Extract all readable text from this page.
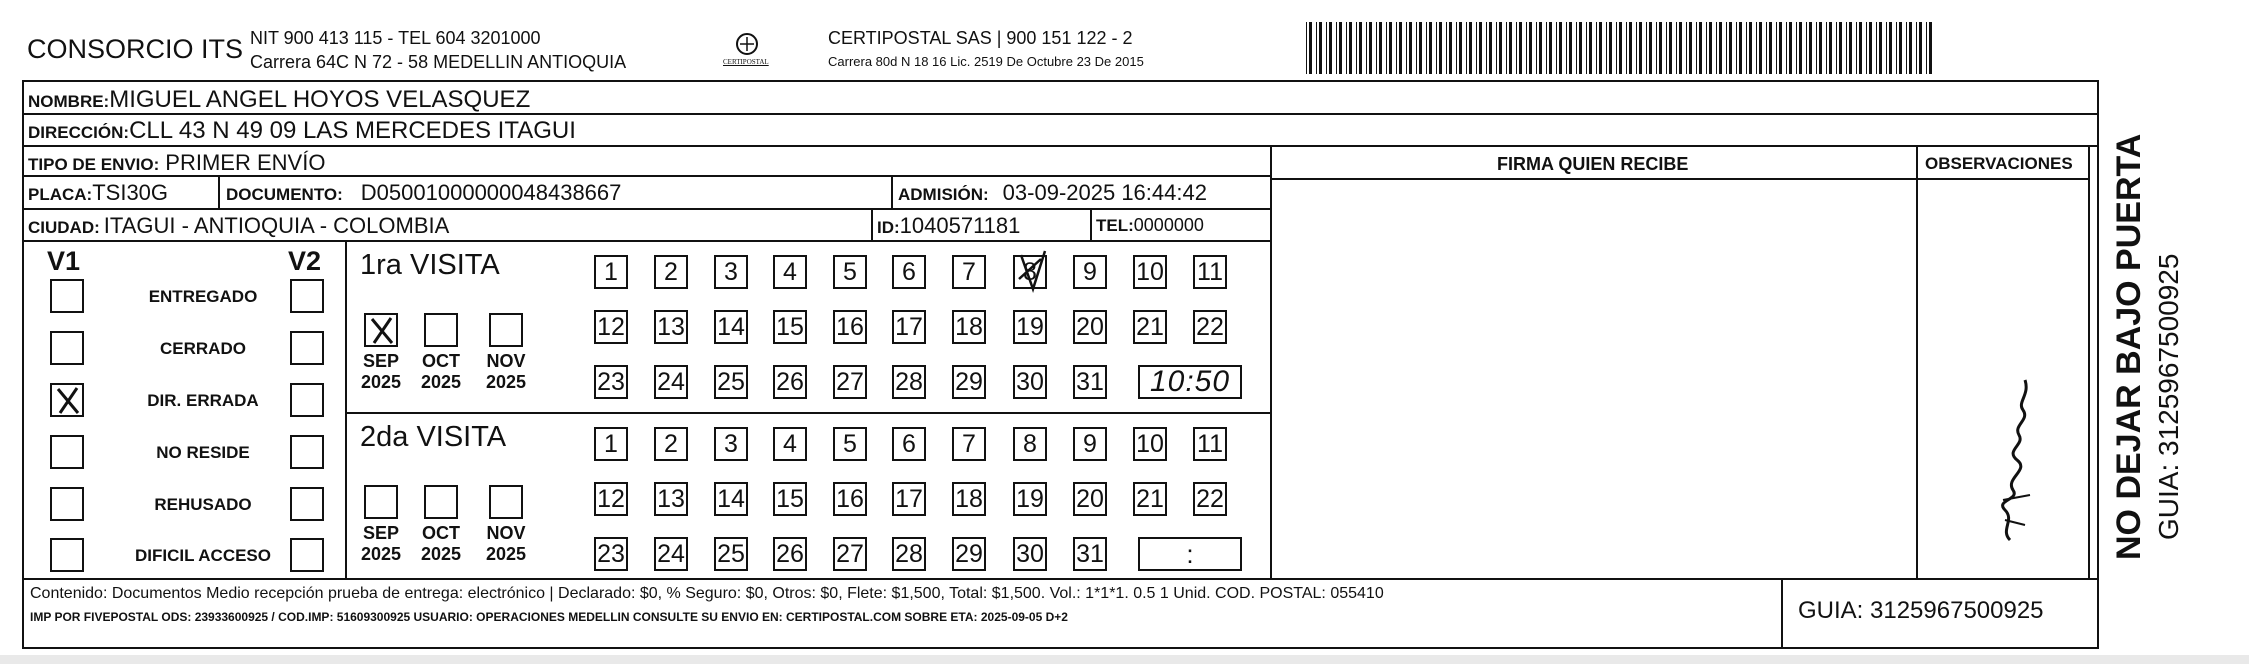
CONSORCIO ITS NIT 900 413 115 - TEL 604 3201000
Carrera 64C N 72 - 58 MEDELLIN ANTIOQUIA	CERTIPOSTAL
CERTIPOSTAL SAS | 900 151 122 - 2
Carrera 80d N 18 16 Lic. 2519 De Octubre 23 De 2015
NOMBRE:MIGUEL ANGEL HOYOS VELASQUEZ
DIRECCIÓN:CLL 43 N 49 09 LAS MERCEDES ITAGUI
TIPO DE ENVIO: PRIMER ENVÍO
PLACA:TSI30G	DOCUMENTO: D05001000000048438667	ADMISIÓN: 03-09-2025 16:44:42
CIUDAD: ITAGUI - ANTIOQUIA - COLOMBIA	ID:1040571181	TEL:0000000
FIRMA QUIEN RECIBE	OBSERVACIONES
V1	V2
ENTREGADO
CERRADO
DIR. ERRADA
NO RESIDE
REHUSADO
DIFICIL ACCESO
1ra VISITA
SEP
2025
OCT
2025
NOV
2025
1	2	3	4	5	6	7	8	9	10 11
12 13 14 15 16 17 18 19 20 21 22
23 24 25 26 27 28 29 30 31	10:50
2da VISITA
SEP
2025
OCT
2025
NOV
2025
1	2	3	4	5	6	7	8	9	10 11
12 13 14 15 16 17 18 19 20 21 22
23 24 25 26 27 28 29 30 31	:
Contenido: Documentos Medio recepción prueba de entrega: electrónico | Declarado: $0, % Seguro: $0, Otros: $0, Flete: $1,500, Total: $1,500. Vol.: 1*1*1. 0.5 1 Unid. COD. POSTAL: 055410
IMP POR FIVEPOSTAL ODS: 23933600925 / COD.IMP: 51609300925 USUARIO: OPERACIONES MEDELLIN CONSULTE SU ENVIO EN: CERTIPOSTAL.COM SOBRE ETA: 2025-09-05 D+2	GUIA: 3125967500925
NO DEJAR BAJO PUERTA GUIA: 3125967500925
